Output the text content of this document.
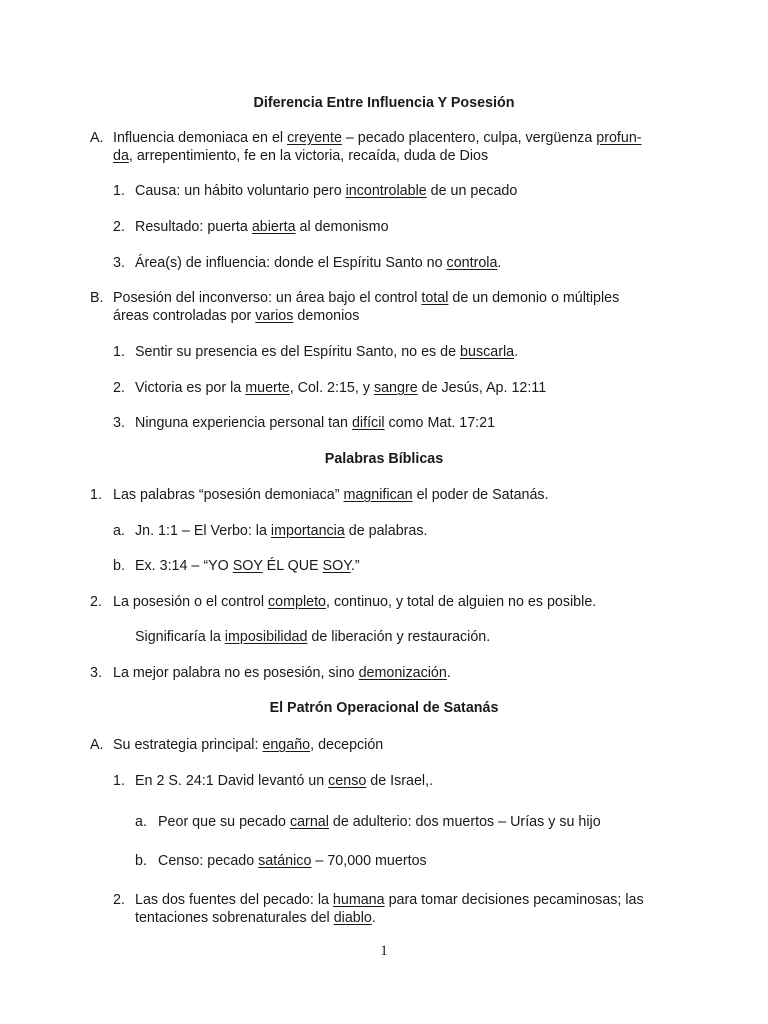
Diferencia Entre Influencia Y Posesión
A. Influencia demoniaca en el creyente – pecado placentero, culpa, vergüenza profun-
da, arrepentimiento, fe en la victoria, recaída, duda de Dios
1. Causa: un hábito voluntario pero incontrolable de un pecado
2. Resultado: puerta abierta al demonismo
3. Área(s) de influencia: donde el Espíritu Santo no controla.
B. Posesión del inconverso: un área bajo el control total de un demonio o múltiples
áreas controladas por varios demonios
1. Sentir su presencia es del Espíritu Santo, no es de buscarla.
2. Victoria es por la muerte, Col. 2:15, y sangre de Jesús, Ap. 12:11
3. Ninguna experiencia personal tan difícil como Mat. 17:21
Palabras Bíblicas
1. Las palabras “posesión demoniaca” magnifican el poder de Satanás.
a. Jn. 1:1 – El Verbo: la importancia de palabras.
b. Ex. 3:14 – “YO SOY ÉL QUE SOY.”
2. La posesión o el control completo, continuo, y total de alguien no es posible.
Significaría la imposibilidad de liberación y restauración.
3. La mejor palabra no es posesión, sino demonización.
El Patrón Operacional de Satanás
A. Su estrategia principal: engaño, decepción
1. En 2 S. 24:1 David levantó un censo de Israel,.
a. Peor que su pecado carnal de adulterio: dos muertos – Urías y su hijo
b. Censo: pecado satánico – 70,000 muertos
2. Las dos fuentes del pecado: la humana para tomar decisiones pecaminosas; las
tentaciones sobrenaturales del diablo.
1
